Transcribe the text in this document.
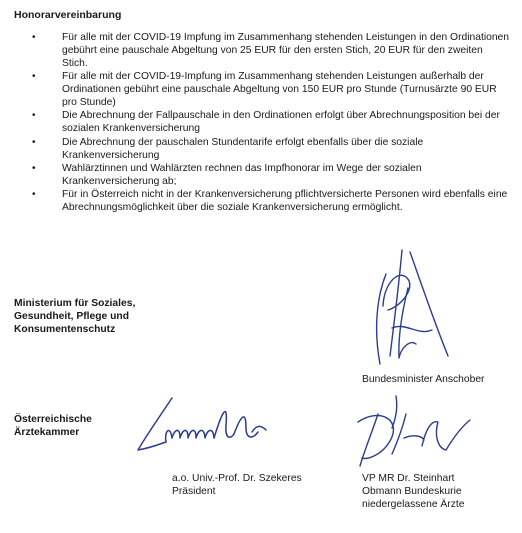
Honorarvereinbarung
•	Für alle mit der COVID-19 Impfung im Zusammenhang stehenden Leistungen in den Ordinationen gebührt eine pauschale Abgeltung von 25 EUR für den ersten Stich, 20 EUR für den zweiten Stich.
•	Für alle mit der COVID-19-Impfung im Zusammenhang stehenden Leistungen außerhalb der Ordinationen gebührt eine pauschale Abgeltung von 150 EUR pro Stunde (Turnusärzte 90 EUR pro Stunde)
•	Die Abrechnung der Fallpauschale in den Ordinationen erfolgt über Abrechnungsposition bei der sozialen Krankenversicherung
•	Die Abrechnung der pauschalen Stundentarife erfolgt ebenfalls über die soziale Krankenversicherung
•	Wahlärztinnen und Wahlärzten rechnen das Impfhonorar im Wege der sozialen Krankenversicherung ab;
•	Für in Österreich nicht in der Krankenversicherung pflichtversicherte Personen wird ebenfalls eine Abrechnungsmöglichkeit über die soziale Krankenversicherung ermöglicht.
Ministerium für Soziales,
Gesundheit, Pflege und
Konsumentenschutz
Bundesminister Anschober
Österreichische
Ärztekammer
a.o. Univ.-Prof. Dr. Szekeres
Präsident
VP MR Dr. Steinhart
Obmann Bundeskurie
niedergelassene Ärzte
